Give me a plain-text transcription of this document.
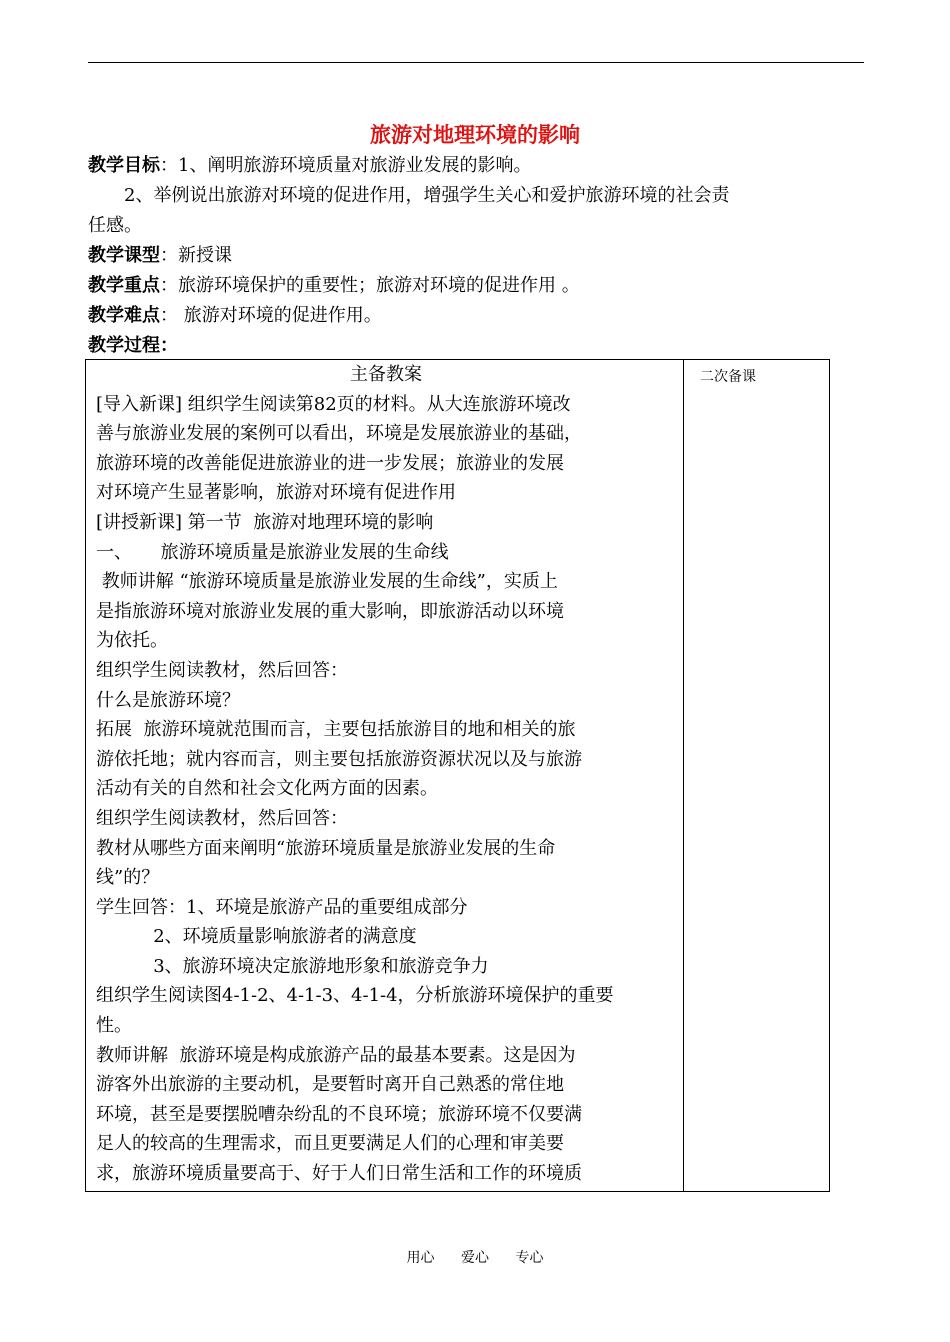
旅游对地理环境的影响
教学目标：1、阐明旅游环境质量对旅游业发展的影响。
　　2、举例说出旅游对环境的促进作用，增强学生关心和爱护旅游环境的社会责
任感。
教学课型：新授课
教学重点：旅游环境保护的重要性；旅游对环境的促进作用 。
教学难点： 旅游对环境的促进作用。
教学过程：

主备教案

[导入新课] 组织学生阅读第82页的材料。从大连旅游环境改

善与旅游业发展的案例可以看出，环境是发展旅游业的基础，

旅游环境的改善能促进旅游业的进一步发展；旅游业的发展

对环境产生显著影响，旅游对环境有促进作用

[讲授新课] 第一节  旅游对地理环境的影响

一、     旅游环境质量是旅游业发展的生命线

教师讲解 “旅游环境质量是旅游业发展的生命线”，实质上

是指旅游环境对旅游业发展的重大影响，即旅游活动以环境

为依托。

组织学生阅读教材，然后回答：

什么是旅游环境？

拓展  旅游环境就范围而言，主要包括旅游目的地和相关的旅

游依托地；就内容而言，则主要包括旅游资源状况以及与旅游

活动有关的自然和社会文化两方面的因素。

组织学生阅读教材，然后回答：

教材从哪些方面来阐明“旅游环境质量是旅游业发展的生命

线”的？

学生回答：1、环境是旅游产品的重要组成部分

2、环境质量影响旅游者的满意度

3、旅游环境决定旅游地形象和旅游竞争力

组织学生阅读图4-1-2、4-1-3、4-1-4，分析旅游环境保护的重要

性。

教师讲解  旅游环境是构成旅游产品的最基本要素。这是因为

游客外出旅游的主要动机，是要暂时离开自己熟悉的常住地

环境，甚至是要摆脱嘈杂纷乱的不良环境；旅游环境不仅要满

足人的较高的生理需求，而且更要满足人们的心理和审美要

求，旅游环境质量要高于、好于人们日常生活和工作的环境质

二次备课
用心 爱心 专心
